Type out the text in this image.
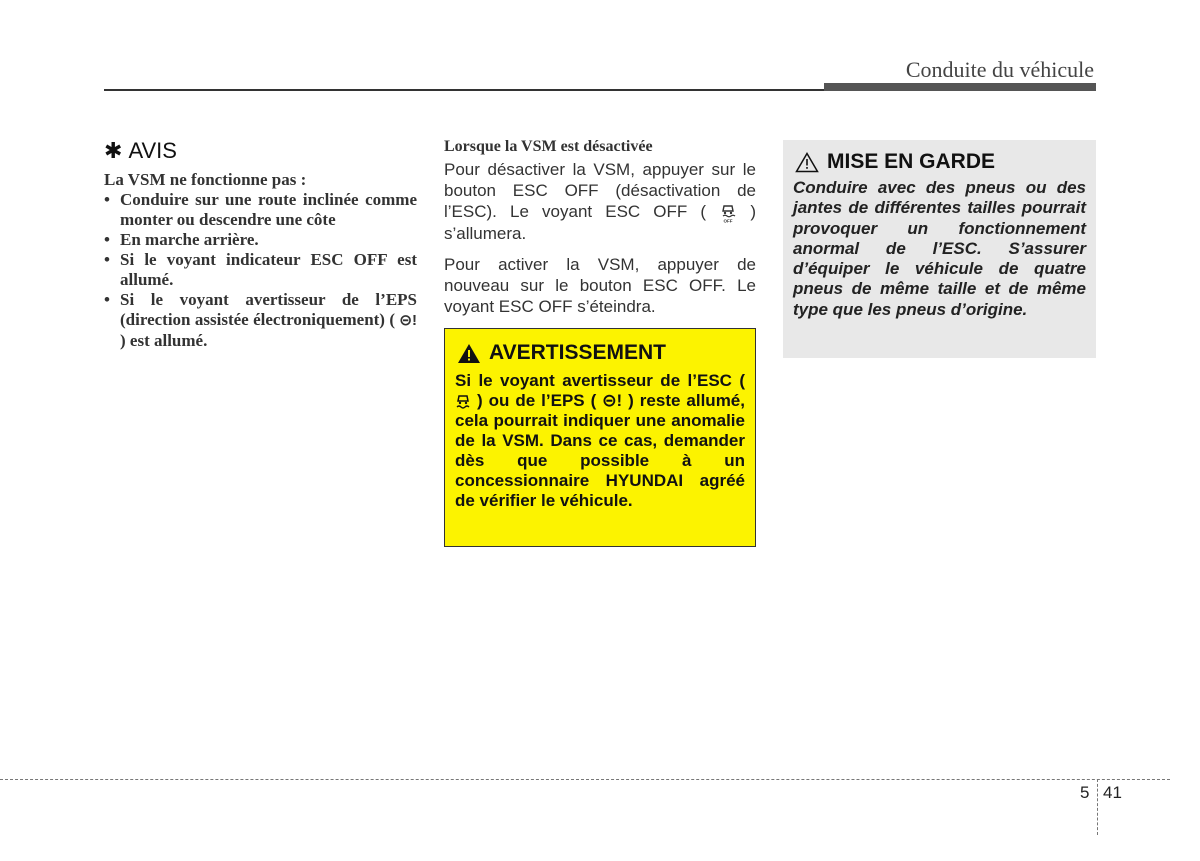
Conduite du véhicule
✱ AVIS

La VSM ne fonctionne pas :

• Conduire sur une route inclinée comme monter ou descendre une côte
• En marche arrière.
• Si le voyant indicateur ESC OFF est allumé.
• Si le voyant avertisseur de l’EPS (direction assistée électroniquement) ( ⊝! ) est allumé.

Lorsque la VSM est désactivée

Pour désactiver la VSM, appuyer sur le bouton ESC OFF (désactivation de l’ESC). Le voyant ESC OFF (	OFF ) s’allumera.

Pour activer la VSM, appuyer de nouveau sur le bouton ESC OFF. Le voyant ESC OFF s’éteindra.

AVERTISSEMENT

Si le voyant avertisseur de l’ESC (  ) ou de l’EPS ( ⊝! ) reste allumé, cela pourrait indiquer une anomalie de la VSM. Dans ce cas, demander dès que possible à un concessionnaire HYUNDAI agréé de vérifier le véhicule.

MISE EN GARDE

Conduire avec des pneus ou des jantes de différentes tailles pourrait provoquer un fonctionnement anormal de l’ESC. S’assurer d’équiper le véhicule de quatre pneus de même taille et de même type que les pneus d’origine.

5 41
